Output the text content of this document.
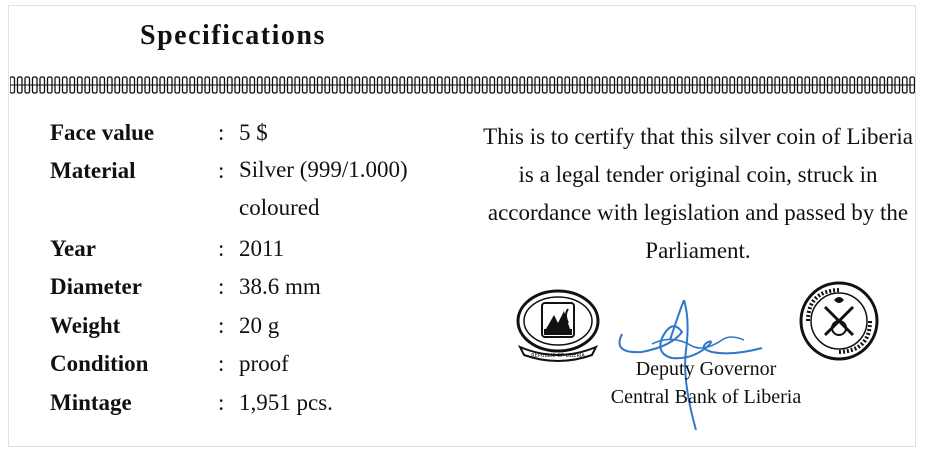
Specifications
Face value	: 5 $
Material	: Silver (999/1.000) coloured
Year	: 2011
Diameter	: 38.6 mm
Weight	: 20 g
Condition	: proof
Mintage	: 1,951 pcs.
This is to certify that this silver coin of Liberia is a legal tender original coin, struck in accordance with legislation and passed by the Parliament.
REPUBLIC OF LIBERIA
Deputy Governor
Central Bank of Liberia
